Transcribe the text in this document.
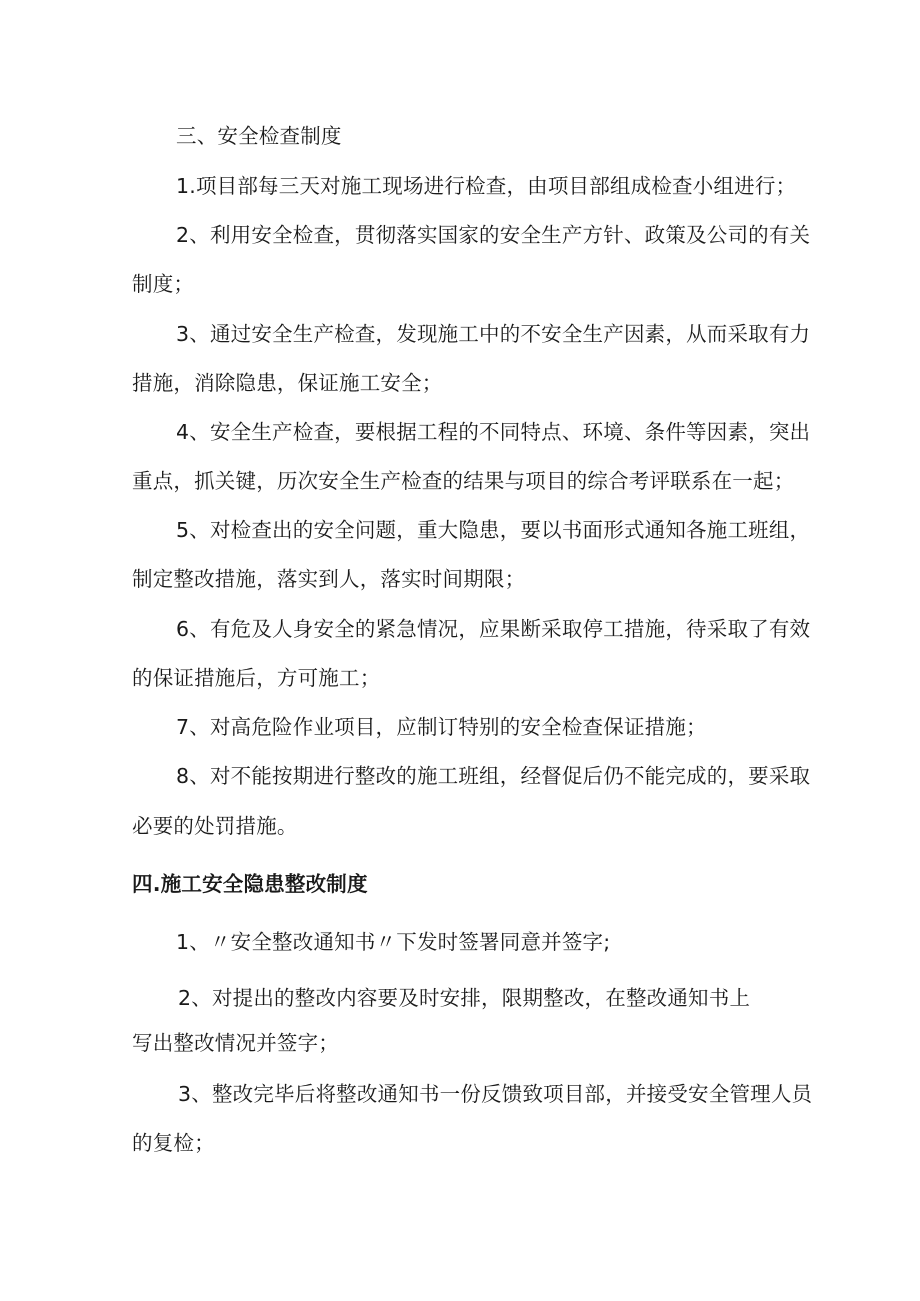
三、安全检查制度
1.项目部每三天对施工现场进行检查，由项目部组成检查小组进行；
2、利用安全检查，贯彻落实国家的安全生产方针、政策及公司的有关
制度；
3、通过安全生产检查，发现施工中的不安全生产因素，从而采取有力
措施，消除隐患，保证施工安全；
4、安全生产检查，要根据工程的不同特点、环境、条件等因素，突出
重点，抓关键，历次安全生产检查的结果与项目的综合考评联系在一起；
5、对检查出的安全问题，重大隐患，要以书面形式通知各施工班组，
制定整改措施，落实到人，落实时间期限；
6、有危及人身安全的紧急情况，应果断采取停工措施，待采取了有效
的保证措施后，方可施工；
7、对高危险作业项目，应制订特别的安全检查保证措施；
8、对不能按期进行整改的施工班组，经督促后仍不能完成的，要采取
必要的处罚措施。
四.施工安全隐患整改制度
1、〃安全整改通知书〃下发时签署同意并签字;
2、对提出的整改内容要及时安排，限期整改，在整改通知书上
写出整改情况并签字；
3、整改完毕后将整改通知书一份反馈致项目部，并接受安全管理人员
的复检；
